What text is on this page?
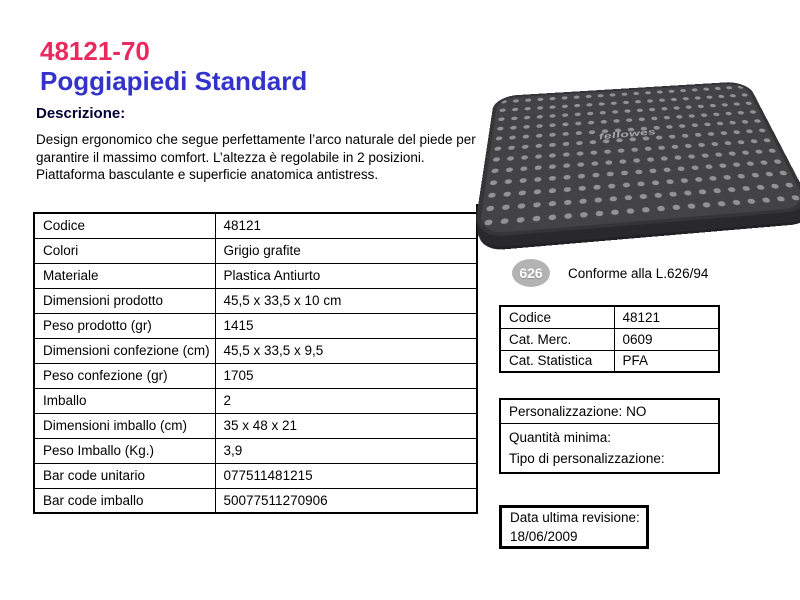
48121-70
Poggiapiedi Standard
Descrizione:
Design ergonomico che segue perfettamente l’arco naturale del piede per garantire il massimo comfort. L’altezza è regolabile in 2 posizioni. Piattaforma basculante e superficie anatomica antistress.
Codice	48121
Colori	Grigio grafite
Materiale	Plastica Antiurto
Dimensioni prodotto	45,5 x 33,5 x 10 cm
Peso prodotto (gr)	1415
Dimensioni confezione (cm)	45,5 x 33,5 x 9,5
Peso confezione (gr)	1705
Imballo	2
Dimensioni imballo (cm)	35 x 48 x 21
Peso Imballo (Kg.)	3,9
Bar code unitario	077511481215
Bar code imballo	50077511270906
fellowes
626	Conforme alla L.626/94
Codice	48121
Cat. Merc.	0609
Cat. Statistica	PFA
Personalizzazione: NO
Quantità minima:
Tipo di personalizzazione:
Data ultima revisione:
18/06/2009
